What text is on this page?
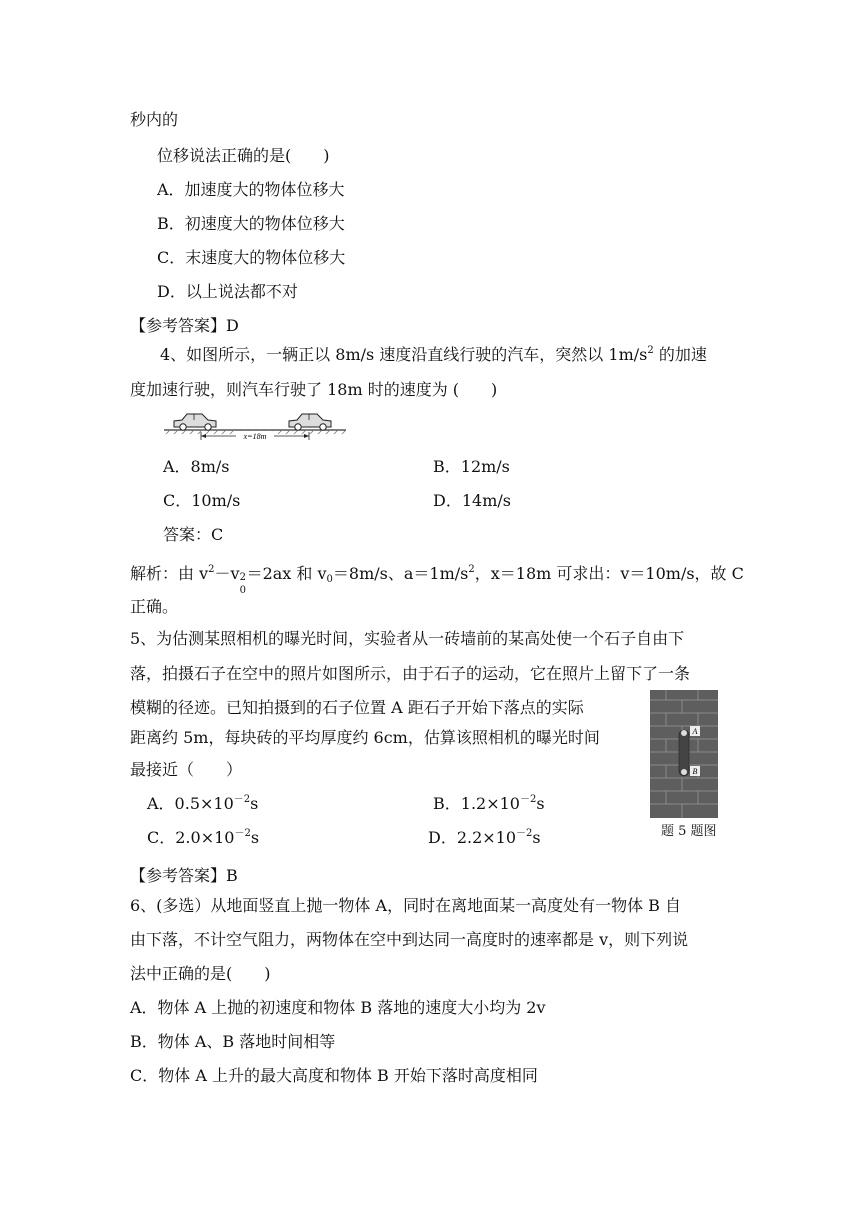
秒内的
位移说法正确的是(　　)
A．加速度大的物体位移大
B．初速度大的物体位移大
C．末速度大的物体位移大
D．以上说法都不对
【参考答案】D
4、如图所示，一辆正以 8m/s 速度沿直线行驶的汽车，突然以 $1m/s^2$ 的加速
度加速行驶，则汽车行驶了 18m 时的速度为 (　　)
x=18m
A．8m/s	B．12m/s
C．10m/s	D．14m/s
答案：C
解析：由 $v^2-v$ 2
0
＝2ax 和 $v_0=8m/s$、$a=1m/s^2$，x＝18m 可求出：v＝10m/s，故 C
正确。
5、为估测某照相机的曝光时间，实验者从一砖墙前的某高处使一个石子自由下
落，拍摄石子在空中的照片如图所示，由于石子的运动，它在照片上留下了一条
模糊的径迹。已知拍摄到的石子位置 A 距石子开始下落点的实际
距离约 5m，每块砖的平均厚度约 6cm，估算该照相机的曝光时间
最接近（　　）
A
B
题 5 题图
A．$0.5\times 10^{-2}s$	B．$1.2\times 10^{-2}s$
C．$2.0\times 10^{-2}s$	D．$2.2\times 10^{-2}s$
【参考答案】B
6、(多选）从地面竖直上抛一物体 A，同时在离地面某一高度处有一物体 B 自
由下落，不计空气阻力，两物体在空中到达同一高度时的速率都是 v，则下列说
法中正确的是(　　)
A．物体 A 上抛的初速度和物体 B 落地的速度大小均为 2v
B．物体 A、B 落地时间相等
C．物体 A 上升的最大高度和物体 B 开始下落时高度相同
